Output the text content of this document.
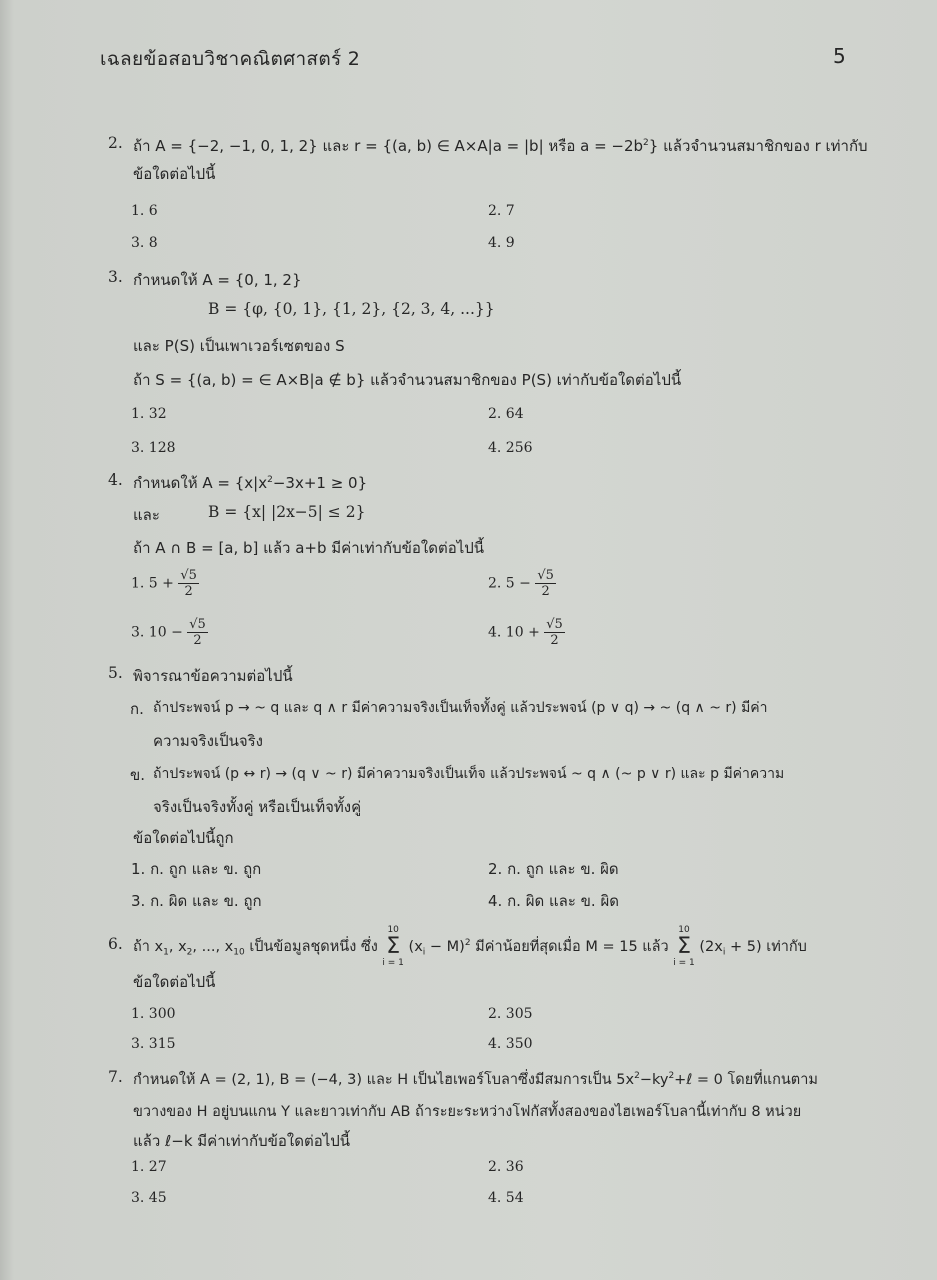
เฉลยข้อสอบวิชาคณิตศาสตร์ 2	5
2. ถ้า A = {−2, −1, 0, 1, 2} และ r = {(a, b) ∈ A×A|a = |b| หรือ $a = -2b^2$} แล้วจำนวนสมาชิกของ r เท่ากับ
ข้อใดต่อไปนี้
1. 6	2. 7
3. 8	4. 9
3. กำหนดให้ A = {0, 1, 2}
B = {φ, {0, 1}, {1, 2}, {2, 3, 4, ...}}
และ P(S) เป็นเพาเวอร์เซตของ S
ถ้า S = {(a, b) = ∈ A×B|a ∉ b} แล้วจำนวนสมาชิกของ P(S) เท่ากับข้อใดต่อไปนี้
1. 32	2. 64
3. 128	4. 256
4. กำหนดให้ $A = \{x|x^2-3x+1 \ge 0\}$
และ	B = {x| |2x−5| ≤ 2}
ถ้า A ∩ B = [a, b] แล้ว a+b มีค่าเท่ากับข้อใดต่อไปนี้
1. $5 + \frac{√5}{2}$	2. $5 - \frac{√5}{2}$
3. $10 - \frac{√5}{2}$	4. $10 + \frac{√5}{2}$
5. พิจารณาข้อความต่อไปนี้
ก. ถ้าประพจน์ p → ~ q และ q ∧ r มีค่าความจริงเป็นเท็จทั้งคู่ แล้วประพจน์ (p ∨ q) → ~ (q ∧ ~ r) มีค่า
ความจริงเป็นจริง
ข. ถ้าประพจน์ (p ↔ r) → (q ∨ ~ r) มีค่าความจริงเป็นเท็จ แล้วประพจน์ ~ q ∧ (~ p ∨ r) และ p มีค่าความ
จริงเป็นจริงทั้งคู่ หรือเป็นเท็จทั้งคู่
ข้อใดต่อไปนี้ถูก
1. ก. ถูก และ ข. ถูก	2. ก. ถูก และ ข. ผิด
3. ก. ผิด และ ข. ถูก	4. ก. ผิด และ ข. ผิด
6. ถ้า $x_1$, $x_2$, ..., $x_{10}$ เป็นข้อมูลชุดหนึ่ง ซึ่ง 10
Σ
i = 1 $(x_i - M)^2$ มีค่าน้อยที่สุดเมื่อ M = 15 แล้ว 10
Σ
i = 1 $(2x_i + 5)$ เท่ากับ
ข้อใดต่อไปนี้
1. 300	2. 305
3. 315	4. 350
7. กำหนดให้ A = (2, 1), B = (−4, 3) และ H เป็นไฮเพอร์โบลาซึ่งมีสมการเป็น $5x^2-ky^2+\ell = 0$ โดยที่แกนตาม
ขวางของ H อยู่บนแกน Y และยาวเท่ากับ AB ถ้าระยะระหว่างโฟกัสทั้งสองของไฮเพอร์โบลานี้เท่ากับ 8 หน่วย
แล้ว ℓ−k มีค่าเท่ากับข้อใดต่อไปนี้
1. 27	2. 36
3. 45	4. 54
